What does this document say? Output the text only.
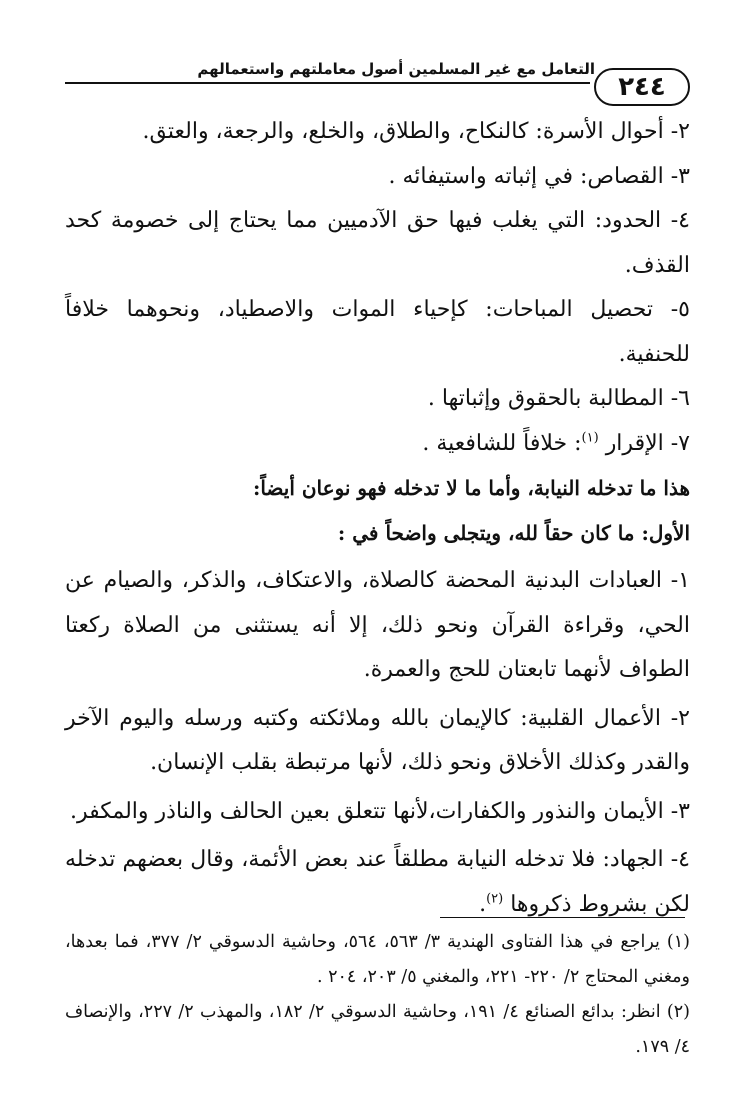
التعامل مع غير المسلمين أصول معاملتهم واستعمالهم
٢٤٤

٢- أحوال الأسرة: كالنكاح، والطلاق، والخلع، والرجعة، والعتق.

٣- القصاص: في إثباته واستيفائه .

٤- الحدود: التي يغلب فيها حق الآدميين مما يحتاج إلى خصومة كحد القذف.

٥- تحصيل المباحات: كإحياء الموات والاصطياد، ونحوهما خلافاً للحنفية.

٦- المطالبة بالحقوق وإثباتها .

٧- الإقرار $^{(١)}$: خلافاً للشافعية .

هذا ما تدخله النيابة، وأما ما لا تدخله فهو نوعان أيضاً:

الأول: ما كان حقاً لله، ويتجلى واضحاً في :

١- العبادات البدنية المحضة كالصلاة، والاعتكاف، والذكر، والصيام عن الحي، وقراءة القرآن ونحو ذلك، إلا أنه يستثنى من الصلاة ركعتا الطواف لأنهما تابعتان للحج والعمرة.

٢- الأعمال القلبية: كالإيمان بالله وملائكته وكتبه ورسله واليوم الآخر والقدر وكذلك الأخلاق ونحو ذلك، لأنها مرتبطة بقلب الإنسان.

٣- الأيمان والنذور والكفارات،لأنها تتعلق بعين الحالف والناذر والمكفر.

٤- الجهاد: فلا تدخله النيابة مطلقاً عند بعض الأئمة، وقال بعضهم تدخله لكن بشروط ذكروها $^{(٢)}$.

(١) يراجع في هذا الفتاوى الهندية ٣/ ٥٦٣، ٥٦٤، وحاشية الدسوقي ٢/ ٣٧٧، فما بعدها، ومغني المحتاج ٢/ ٢٢٠- ٢٢١، والمغني ٥/ ٢٠٣، ٢٠٤ .

(٢) انظر: بدائع الصنائع ٤/ ١٩١، وحاشية الدسوقي ٢/ ١٨٢، والمهذب ٢/ ٢٢٧، والإنصاف ٤/ ١٧٩.
